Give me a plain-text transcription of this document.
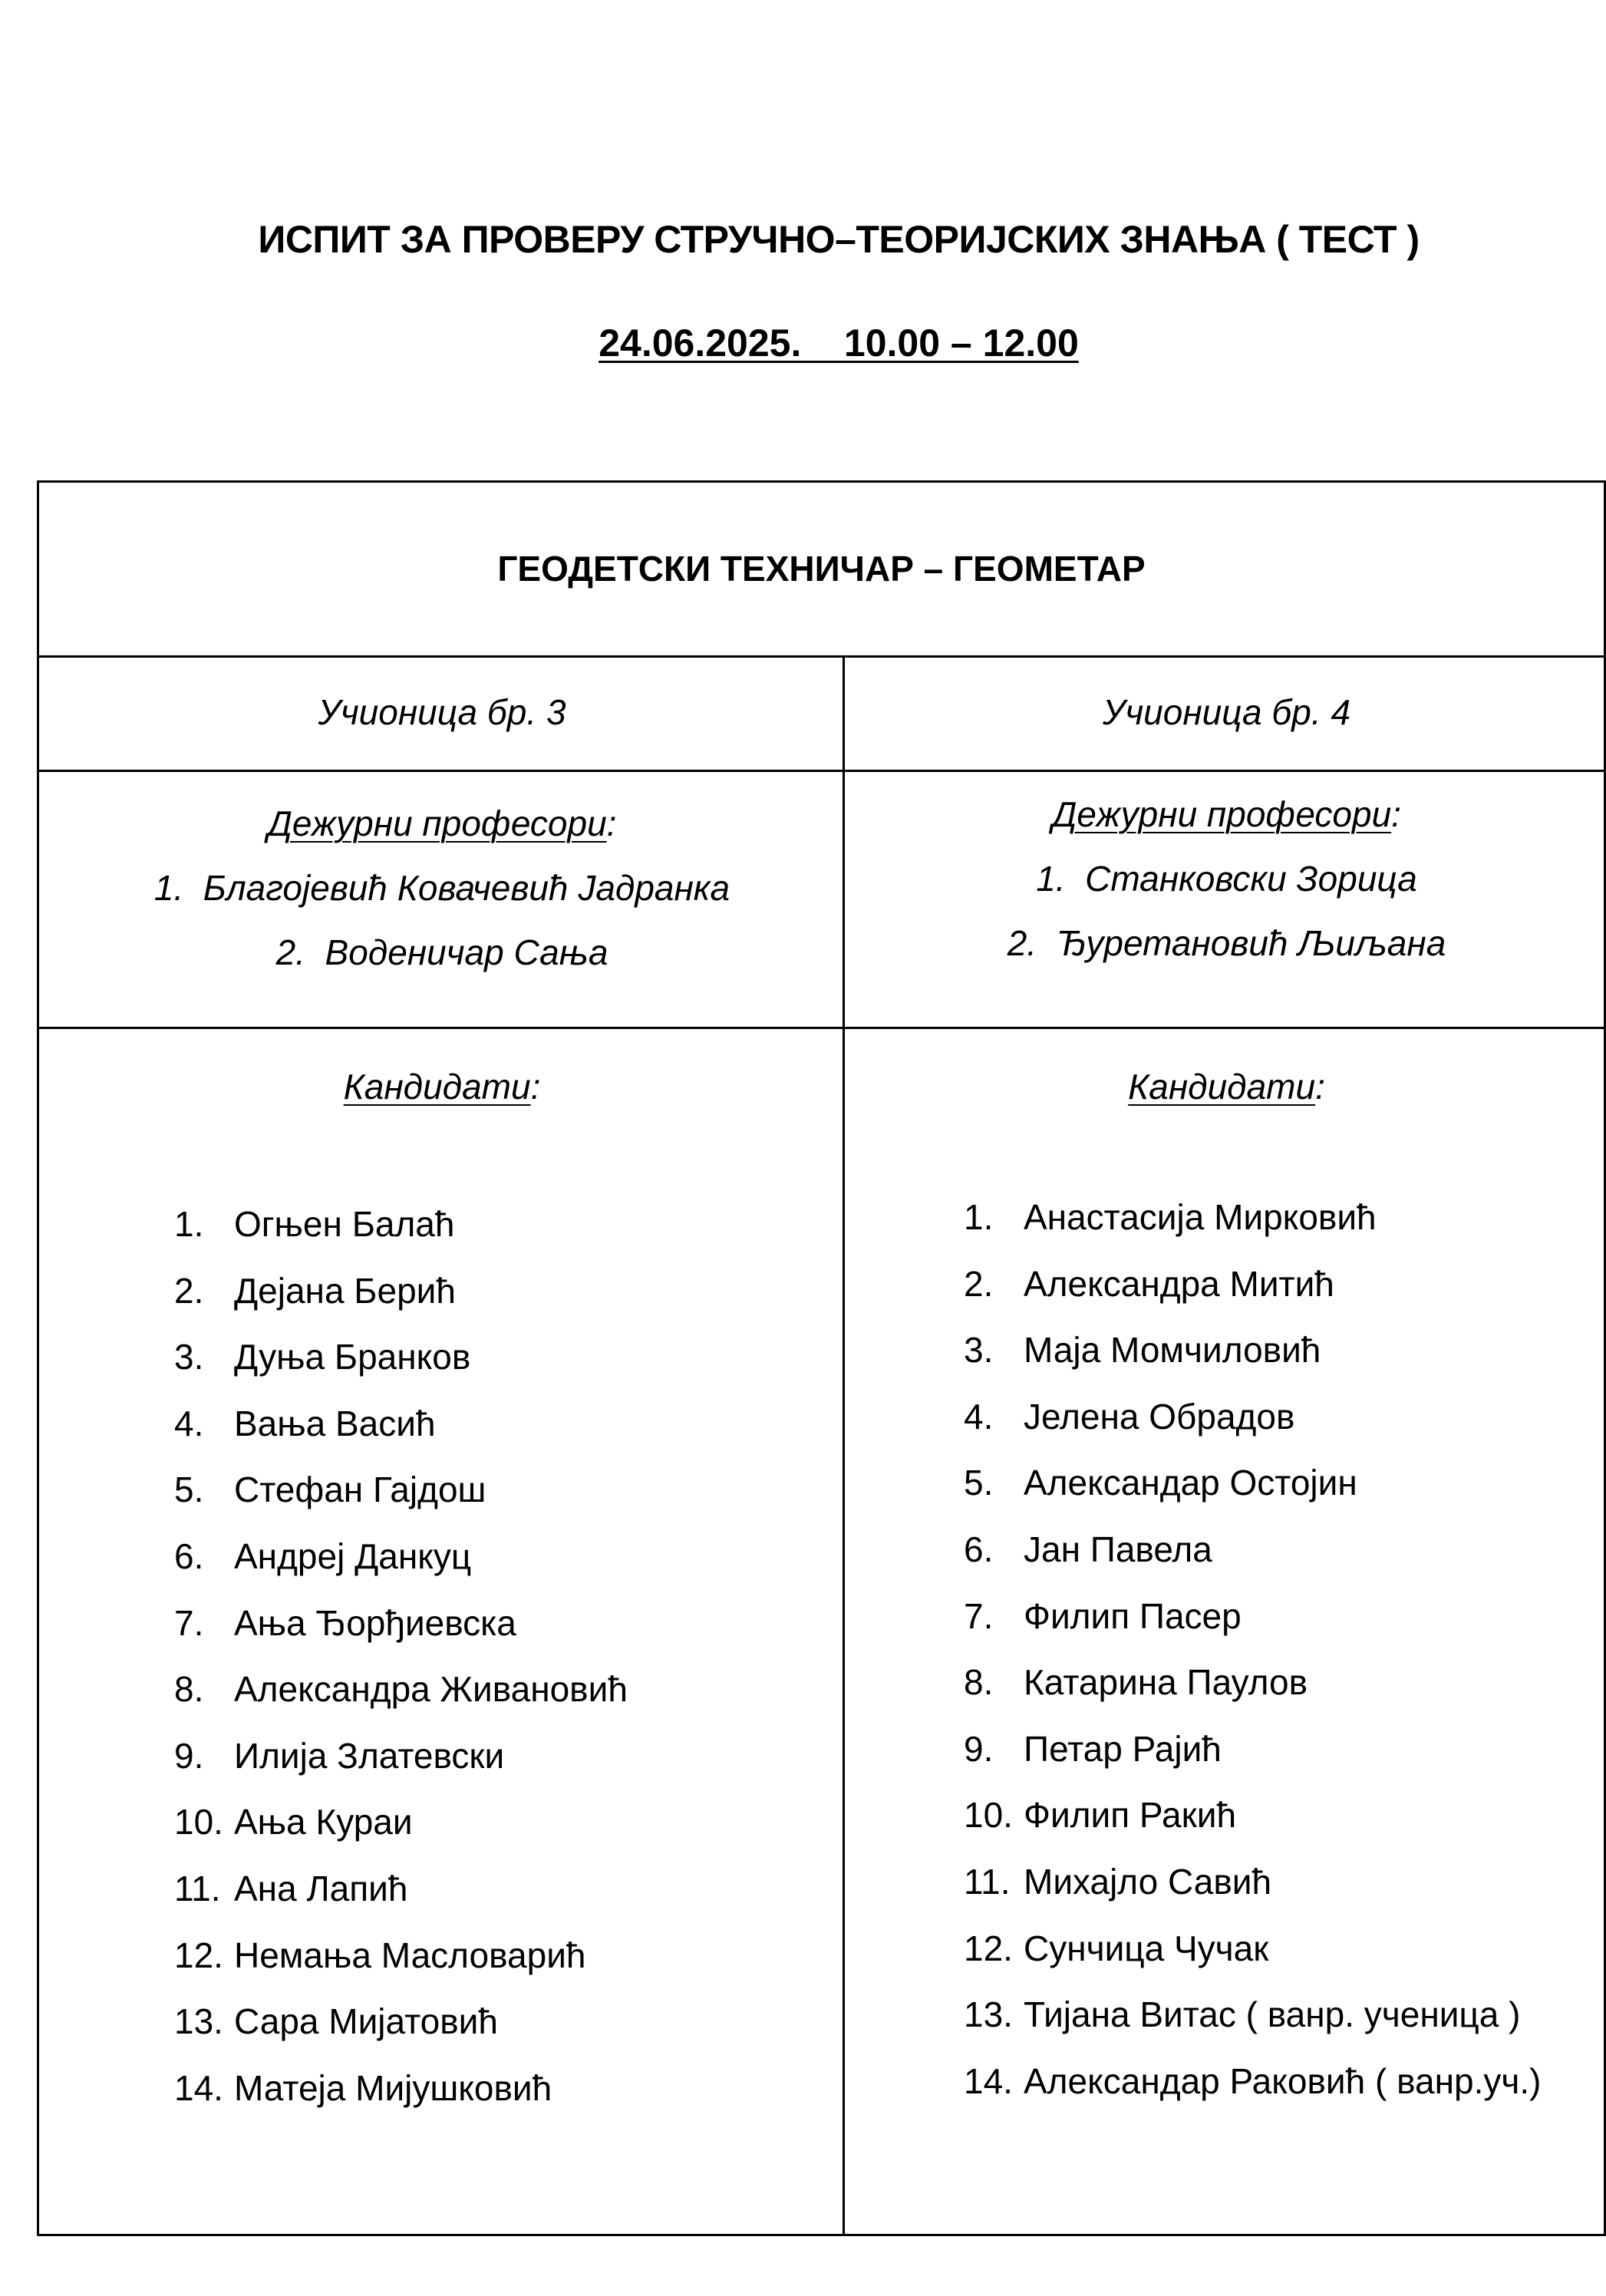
ИСПИТ ЗА ПРОВЕРУ СТРУЧНО–ТЕОРИЈСКИХ ЗНАЊА ( ТЕСТ )
24.06.2025.    10.00 – 12.00
ГЕОДЕТСКИ ТЕХНИЧАР – ГЕОМЕТАР
Учионица бр. 3	Учионица бр. 4
Дежурни професори:
1. Благојевић Ковачевић Јадранка
2. Воденичар Сања
Дежурни професори:
1. Станковски Зорица
2. Ђуретановић Љиљана
Кандидати:	Кандидати:
1. Огњен Балаћ
2. Дејана Берић
3. Дуња Бранков
4. Вања Васић
5. Стефан Гајдош
6. Андреј Данкуц
7. Ања Ђорђиевска
8. Александра Живановић
9. Илија Златевски
10. Ања Кураи
11. Ана Лапић
12. Немања Масловарић
13. Сара Мијатовић
14. Матеја Мијушковић
1. Анастасија Мирковић
2. Александра Митић
3. Маја Момчиловић
4. Јелена Обрадов
5. Александар Остојин
6. Јан Павела
7. Филип Пасер
8. Катарина Паулов
9. Петар Рајић
10. Филип Ракић
11. Михајло Савић
12. Сунчица Чучак
13. Тијана Витас ( ванр. ученица )
14. Александар Раковић ( ванр.уч.)
